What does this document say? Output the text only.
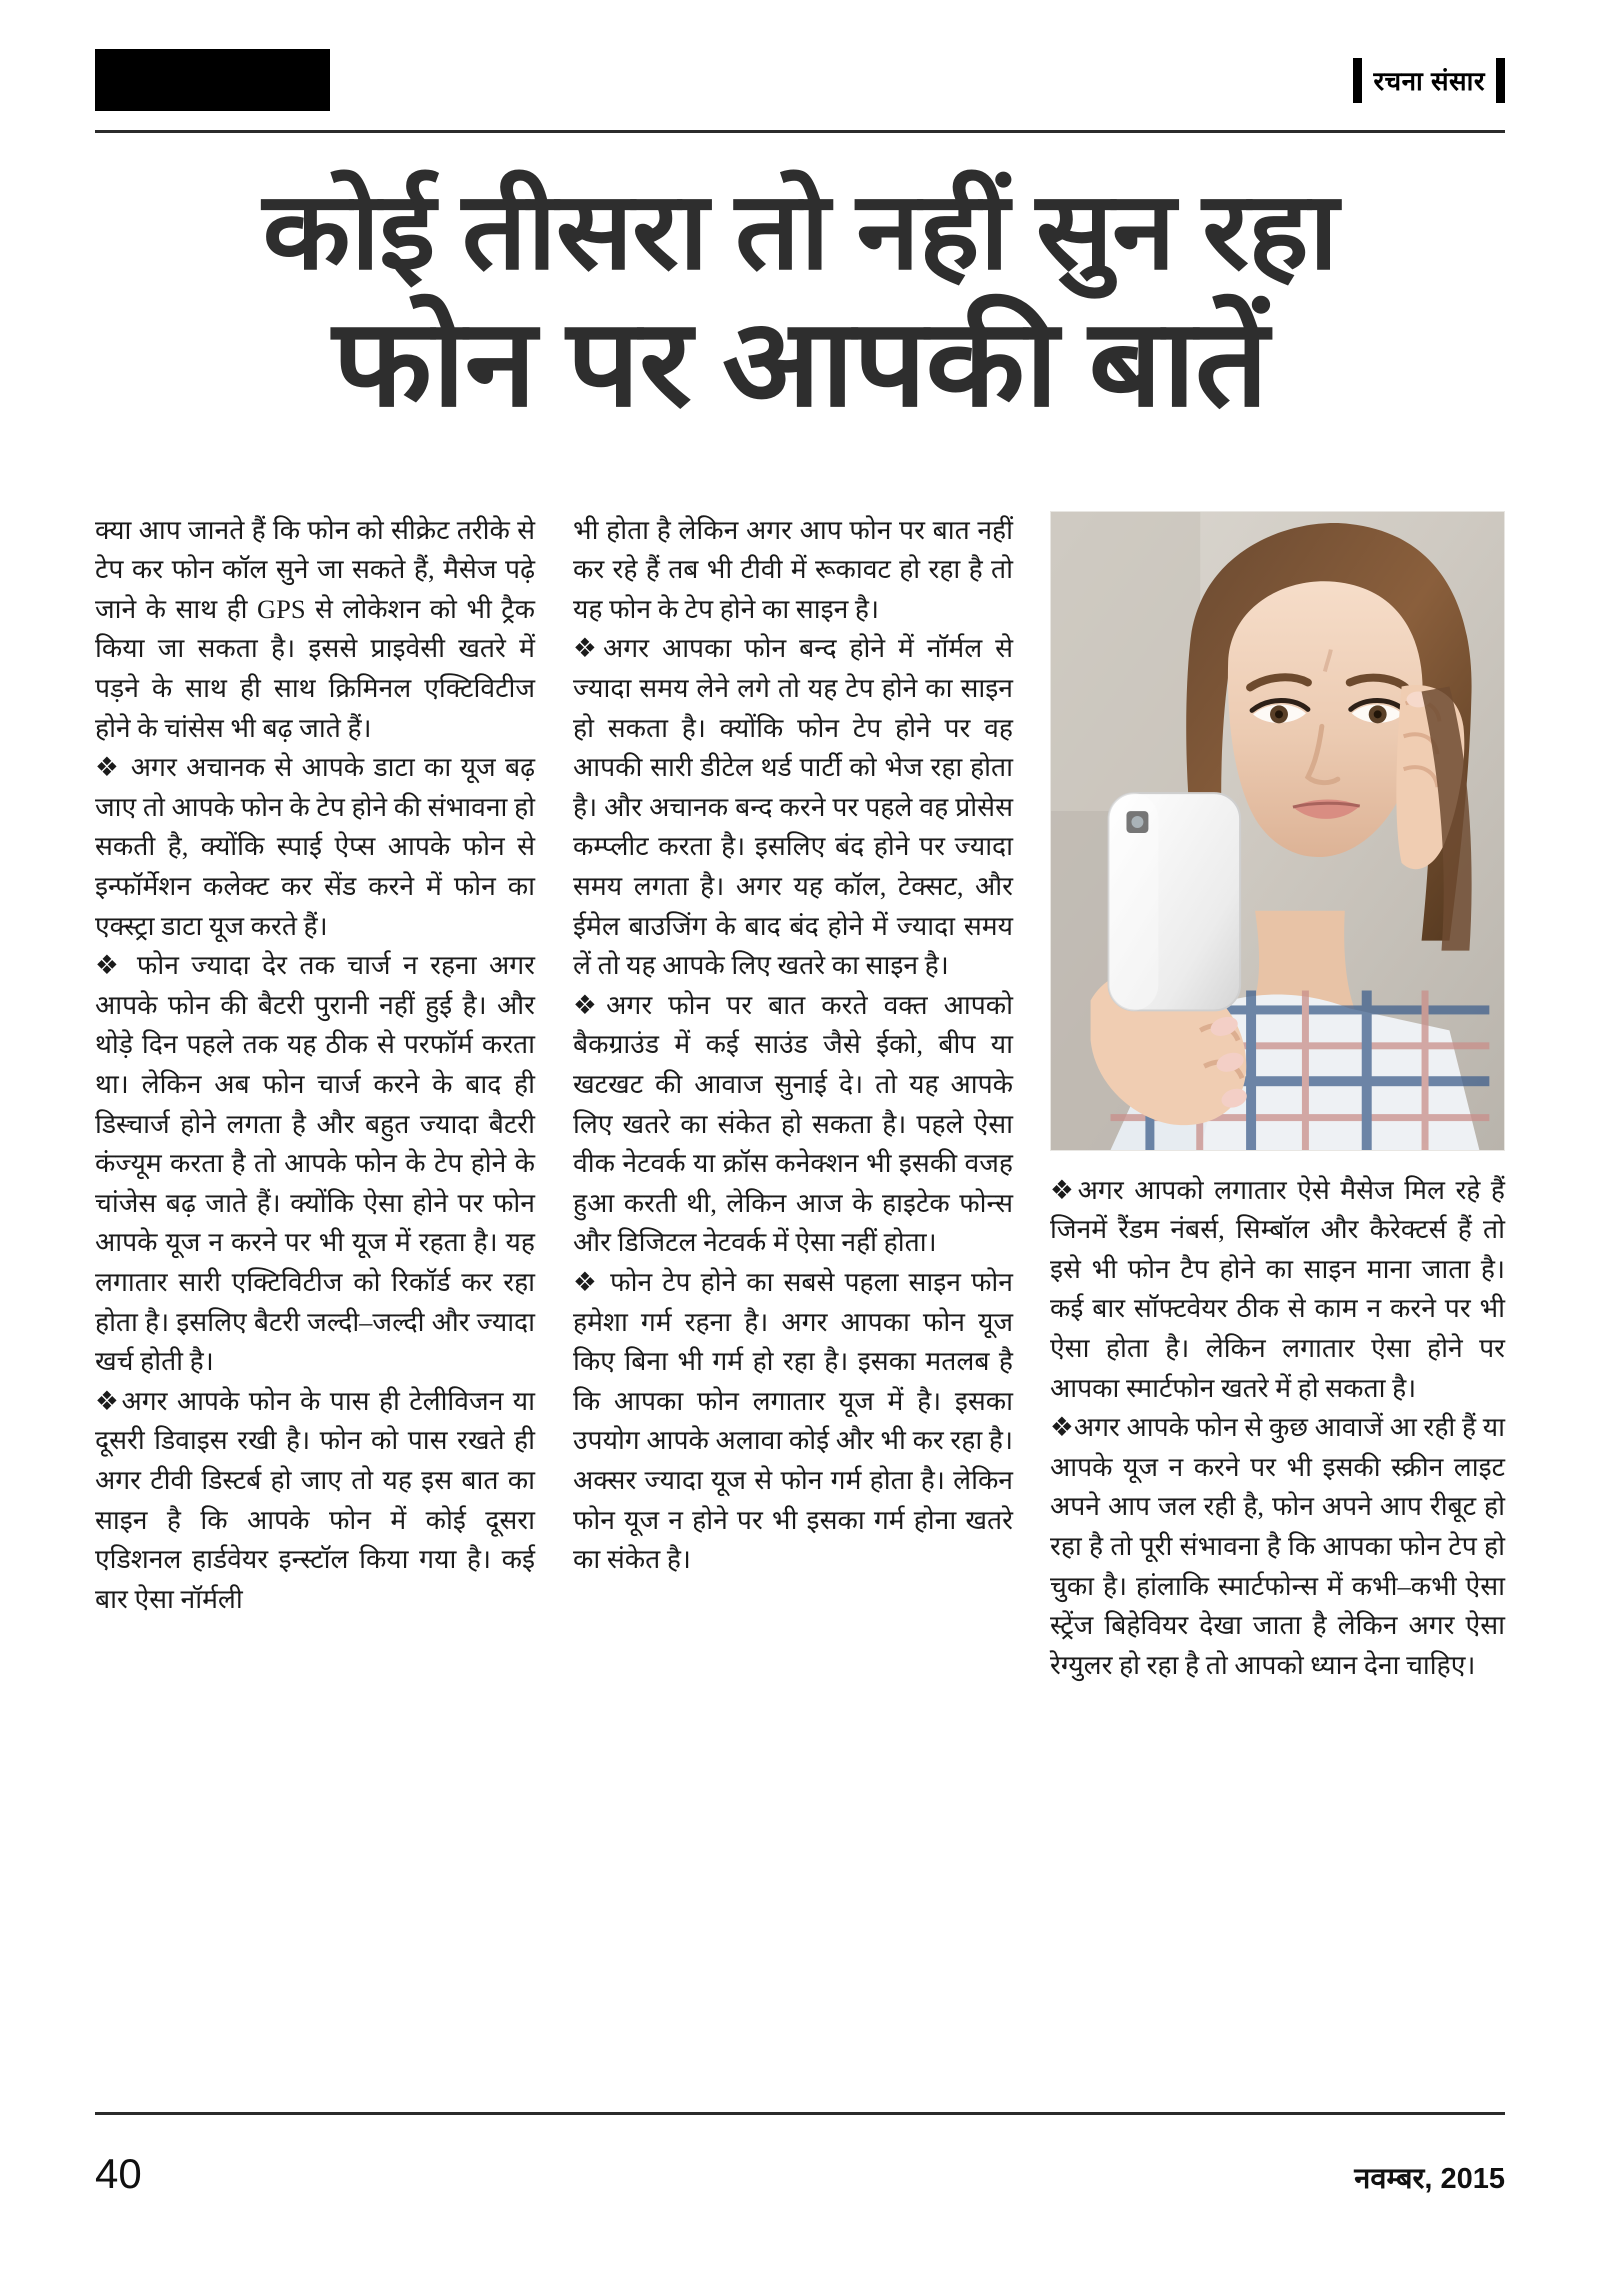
रचना संसार
कोई तीसरा तो नहीं सुन रहा
फोन पर आपकी बातें

क्या आप जानते हैं कि फोन को सीक्रेट तरीके से टेप कर फोन कॉल सुने जा सकते हैं, मैसेज पढ़े जाने के साथ ही GPS से लोकेशन को भी ट्रैक किया जा सकता है। इससे प्राइवेसी खतरे में पड़ने के साथ ही साथ क्रिमिनल एक्टिविटीज होने के चांसेस भी बढ़ जाते हैं।

❖ अगर अचानक से आपके डाटा का यूज बढ़ जाए तो आपके फोन के टेप होने की संभावना हो सकती है, क्योंकि स्पाई ऐप्स आपके फोन से इन्फॉर्मेशन कलेक्ट कर सेंड करने में फोन का एक्स्ट्रा डाटा यूज करते हैं।

❖ फोन ज्यादा देर तक चार्ज न रहना अगर आपके फोन की बैटरी पुरानी नहीं हुई है। और थोड़े दिन पहले तक यह ठीक से परफॉर्म करता था। लेकिन अब फोन चार्ज करने के बाद ही डिस्चार्ज होने लगता है और बहुत ज्यादा बैटरी कंज्यूम करता है तो आपके फोन के टेप होने के चांजेस बढ़ जाते हैं। क्योंकि ऐसा होने पर फोन आपके यूज न करने पर भी यूज में रहता है। यह लगातार सारी एक्टिविटीज को रिकॉर्ड कर रहा होता है। इसलिए बैटरी जल्दी–जल्दी और ज्यादा खर्च होती है।

❖अगर आपके फोन के पास ही टेलीविजन या दूसरी डिवाइस रखी है। फोन को पास रखते ही अगर टीवी डिस्टर्ब हो जाए तो यह इस बात का साइन है कि आपके फोन में कोई दूसरा एडिशनल हार्डवेयर इन्स्टॉल किया गया है। कई बार ऐसा नॉर्मली

भी होता है लेकिन अगर आप फोन पर बात नहीं कर रहे हैं तब भी टीवी में रूकावट हो रहा है तो यह फोन के टेप होने का साइन है।

❖अगर आपका फोन बन्द होने में नॉर्मल से ज्यादा समय लेने लगे तो यह टेप होने का साइन हो सकता है। क्योंकि फोन टेप होने पर वह आपकी सारी डीटेल थर्ड पार्टी को भेज रहा होता है। और अचानक बन्द करने पर पहले वह प्रोसेस कम्प्लीट करता है। इसलिए बंद होने पर ज्यादा समय लगता है। अगर यह कॉल, टेक्सट, और ईमेल बाउजिंग के बाद बंद होने में ज्यादा समय लें तो यह आपके लिए खतरे का साइन है।

❖अगर फोन पर बात करते वक्त आपको बैकग्राउंड में कई साउंड जैसे ईको, बीप या खटखट की आवाज सुनाई दे। तो यह आपके लिए खतरे का संकेत हो सकता है। पहले ऐसा वीक नेटवर्क या क्रॉस कनेक्शन भी इसकी वजह हुआ करती थी, लेकिन आज के हाइटेक फोन्स और डिजिटल नेटवर्क में ऐसा नहीं होता।

❖ फोन टेप होने का सबसे पहला साइन फोन हमेशा गर्म रहना है। अगर आपका फोन यूज किए बिना भी गर्म हो रहा है। इसका मतलब है कि आपका फोन लगातार यूज में है। इसका उपयोग आपके अलावा कोई और भी कर रहा है। अक्सर ज्यादा यूज से फोन गर्म होता है। लेकिन फोन यूज न होने पर भी इसका गर्म होना खतरे का संकेत है।

❖अगर आपको लगातार ऐसे मैसेज मिल रहे हैं जिनमें रैंडम नंबर्स, सिम्बॉल और कैरेक्टर्स हैं तो इसे भी फोन टैप होने का साइन माना जाता है। कई बार सॉफ्टवेयर ठीक से काम न करने पर भी ऐसा होता है। लेकिन लगातार ऐसा होने पर आपका स्मार्टफोन खतरे में हो सकता है।

❖अगर आपके फोन से कुछ आवाजें आ रही हैं या आपके यूज न करने पर भी इसकी स्क्रीन लाइट अपने आप जल रही है, फोन अपने आप रीबूट हो रहा है तो पूरी संभावना है कि आपका फोन टेप हो चुका है। हांलाकि स्मार्टफोन्स में कभी–कभी ऐसा स्ट्रेंज बिहेवियर देखा जाता है लेकिन अगर ऐसा रेग्युलर हो रहा है तो आपको ध्यान देना चाहिए।

40	नवम्बर, 2015
